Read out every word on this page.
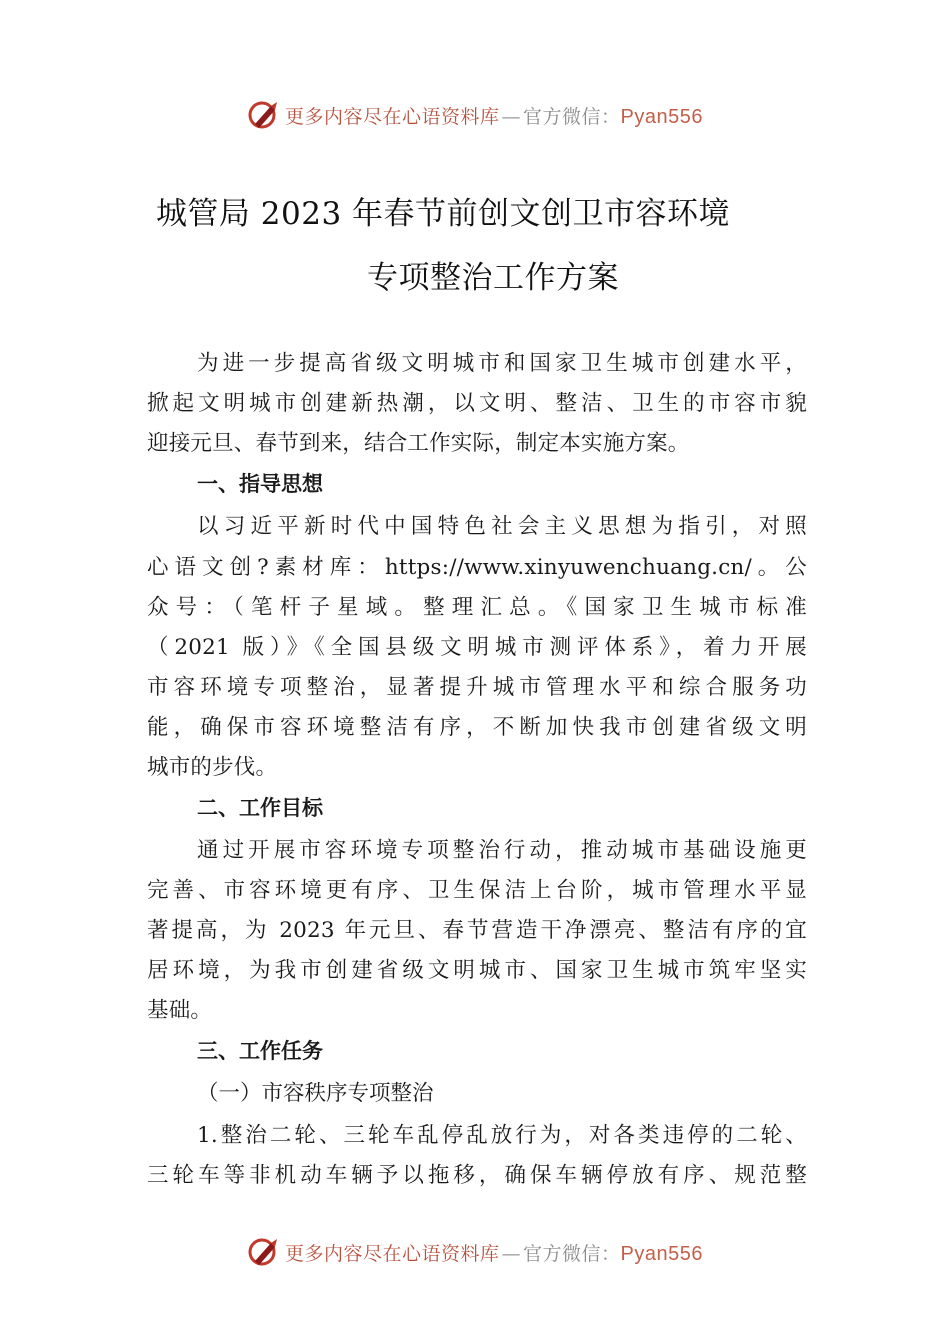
更多内容尽在心语资料库 — 官方微信：Pyan556
城管局 2023 年春节前创文创卫市容环境
专项整治工作方案
为进一步提高省级文明城市和国家卫生城市创建水平，
掀起文明城市创建新热潮，以文明、整洁、卫生的市容市貌
迎接元旦、春节到来，结合工作实际，制定本实施方案。
一、指导思想
以习近平新时代中国特色社会主义思想为指引，对照
心语文创?素材库：https://www.xinyuwenchuang.cn/。公
众号：（笔杆子星域。整理汇总。《国家卫生城市标准
（2021 版）》《全国县级文明城市测评体系》，着力开展
市容环境专项整治，显著提升城市管理水平和综合服务功
能，确保市容环境整洁有序，不断加快我市创建省级文明
城市的步伐。
二、工作目标
通过开展市容环境专项整治行动，推动城市基础设施更
完善、市容环境更有序、卫生保洁上台阶，城市管理水平显
著提高，为 2023 年元旦、春节营造干净漂亮、整洁有序的宜
居环境，为我市创建省级文明城市、国家卫生城市筑牢坚实
基础。
三、工作任务
（一）市容秩序专项整治
1.整治二轮、三轮车乱停乱放行为，对各类违停的二轮、
三轮车等非机动车辆予以拖移，确保车辆停放有序、规范整
更多内容尽在心语资料库 — 官方微信：Pyan556
